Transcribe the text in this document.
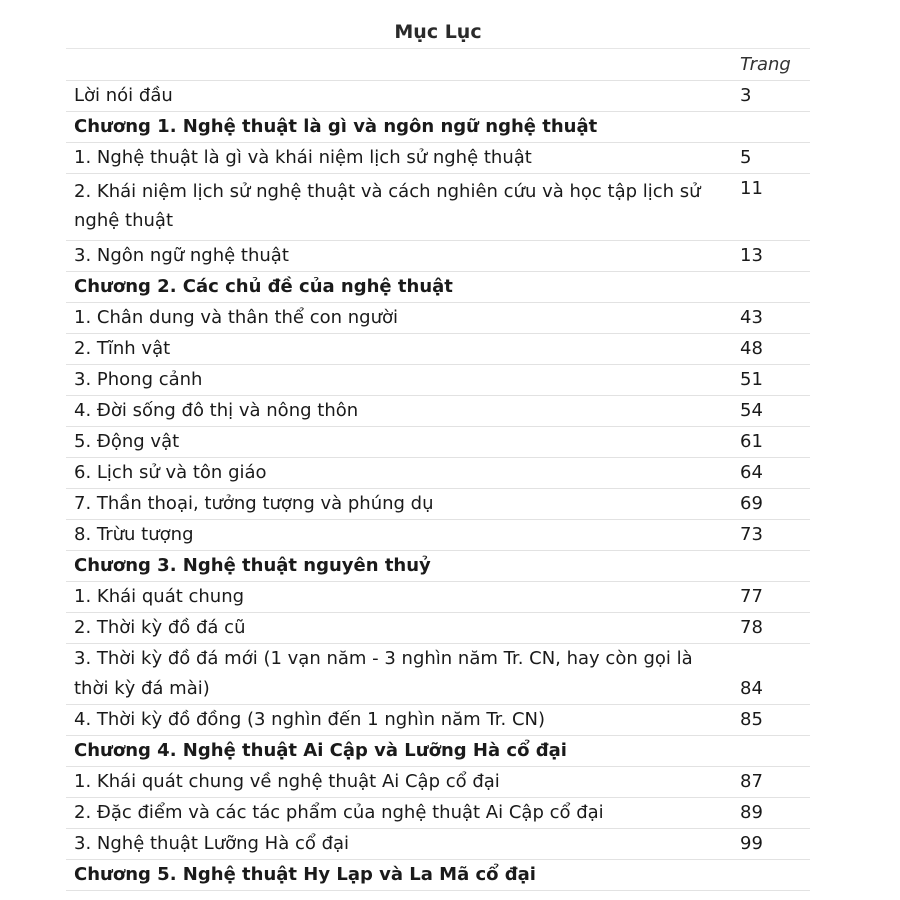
Mục Lục
Trang
Lời nói đầu	3
Chương 1. Nghệ thuật là gì và ngôn ngữ nghệ thuật
1. Nghệ thuật là gì và khái niệm lịch sử nghệ thuật	5
2. Khái niệm lịch sử nghệ thuật và cách nghiên cứu và học tập lịch sử nghệ thuật
11
3. Ngôn ngữ nghệ thuật	13
Chương 2. Các chủ đề của nghệ thuật
1. Chân dung và thân thể con người	43
2. Tĩnh vật	48
3. Phong cảnh	51
4. Đời sống đô thị và nông thôn	54
5. Động vật	61
6. Lịch sử và tôn giáo	64
7. Thần thoại, tưởng tượng và phúng dụ	69
8. Trừu tượng	73
Chương 3. Nghệ thuật nguyên thuỷ
1. Khái quát chung	77
2. Thời kỳ đồ đá cũ	78
3. Thời kỳ đồ đá mới (1 vạn năm - 3 nghìn năm Tr. CN, hay còn gọi là
thời kỳ đá mài)	84
4. Thời kỳ đồ đồng (3 nghìn đến 1 nghìn năm Tr. CN)	85
Chương 4. Nghệ thuật Ai Cập và Lưỡng Hà cổ đại
1. Khái quát chung về nghệ thuật Ai Cập cổ đại	87
2. Đặc điểm và các tác phẩm của nghệ thuật Ai Cập cổ đại	89
3. Nghệ thuật Lưỡng Hà cổ đại	99
Chương 5. Nghệ thuật Hy Lạp và La Mã cổ đại
